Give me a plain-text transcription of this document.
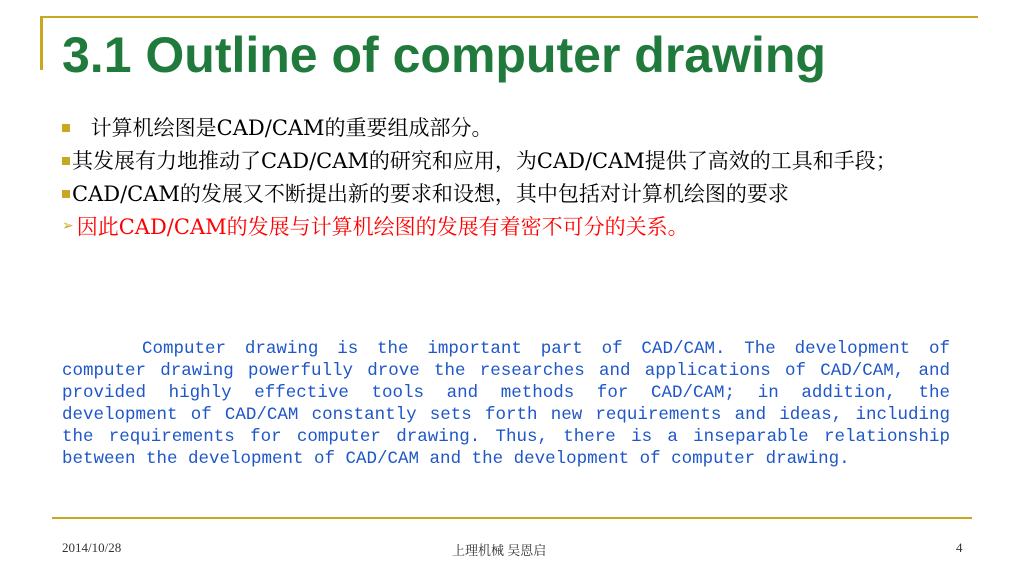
3.1 Outline of computer drawing
计算机绘图是CAD/CAM的重要组成部分。
其发展有力地推动了CAD/CAM的研究和应用，为CAD/CAM提供了高效的工具和手段；
CAD/CAM的发展又不断提出新的要求和设想，其中包括对计算机绘图的要求
➢ 因此CAD/CAM的发展与计算机绘图的发展有着密不可分的关系。

Computer drawing is the important part of CAD/CAM. The development of computer drawing powerfully drove the researches and applications of CAD/CAM, and provided highly effective tools and methods for CAD/CAM; in addition, the development of CAD/CAM constantly sets forth new requirements and ideas, including the requirements for computer drawing. Thus, there is a inseparable relationship between the development of CAD/CAM and the development of computer drawing.

2014/10/28	上理机械 吴恩启	4
